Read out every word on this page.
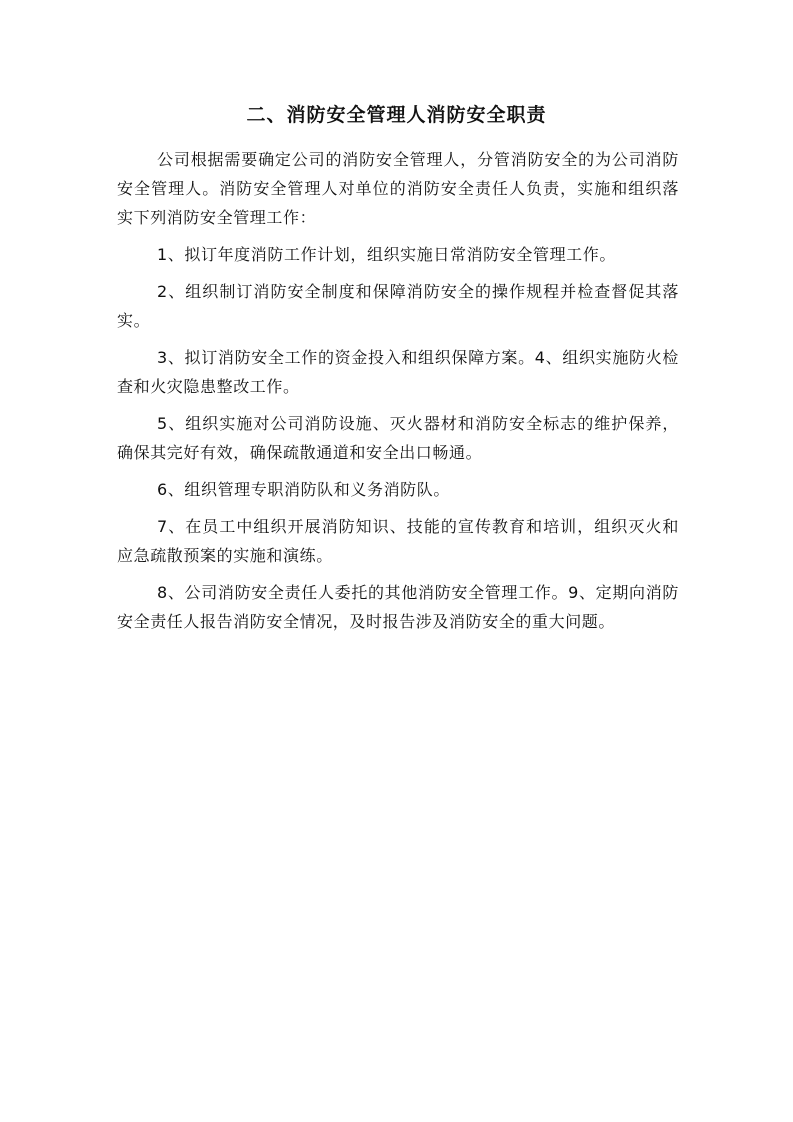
二、消防安全管理人消防安全职责

公司根据需要确定公司的消防安全管理人，分管消防安全的为公司消防安全管理人。消防安全管理人对单位的消防安全责任人负责，实施和组织落实下列消防安全管理工作：

1、拟订年度消防工作计划，组织实施日常消防安全管理工作。

2、组织制订消防安全制度和保障消防安全的操作规程并检查督促其落实。

3、拟订消防安全工作的资金投入和组织保障方案。4、组织实施防火检查和火灾隐患整改工作。

5、组织实施对公司消防设施、灭火器材和消防安全标志的维护保养，确保其完好有效，确保疏散通道和安全出口畅通。

6、组织管理专职消防队和义务消防队。

7、在员工中组织开展消防知识、技能的宣传教育和培训，组织灭火和应急疏散预案的实施和演练。

8、公司消防安全责任人委托的其他消防安全管理工作。9、定期向消防安全责任人报告消防安全情况，及时报告涉及消防安全的重大问题。
